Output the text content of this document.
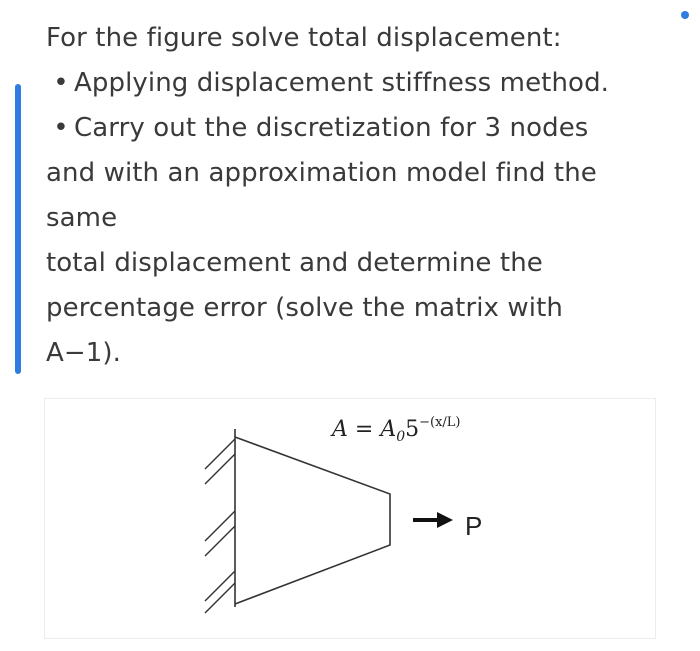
For the figure solve total displacement:
• Applying displacement stiffness method.
• Carry out the discretization for 3 nodes
and with an approximation model find the
same
total displacement and determine the
percentage error (solve the matrix with
A−1).
$A = A_05^{-(x/L)}$
P
